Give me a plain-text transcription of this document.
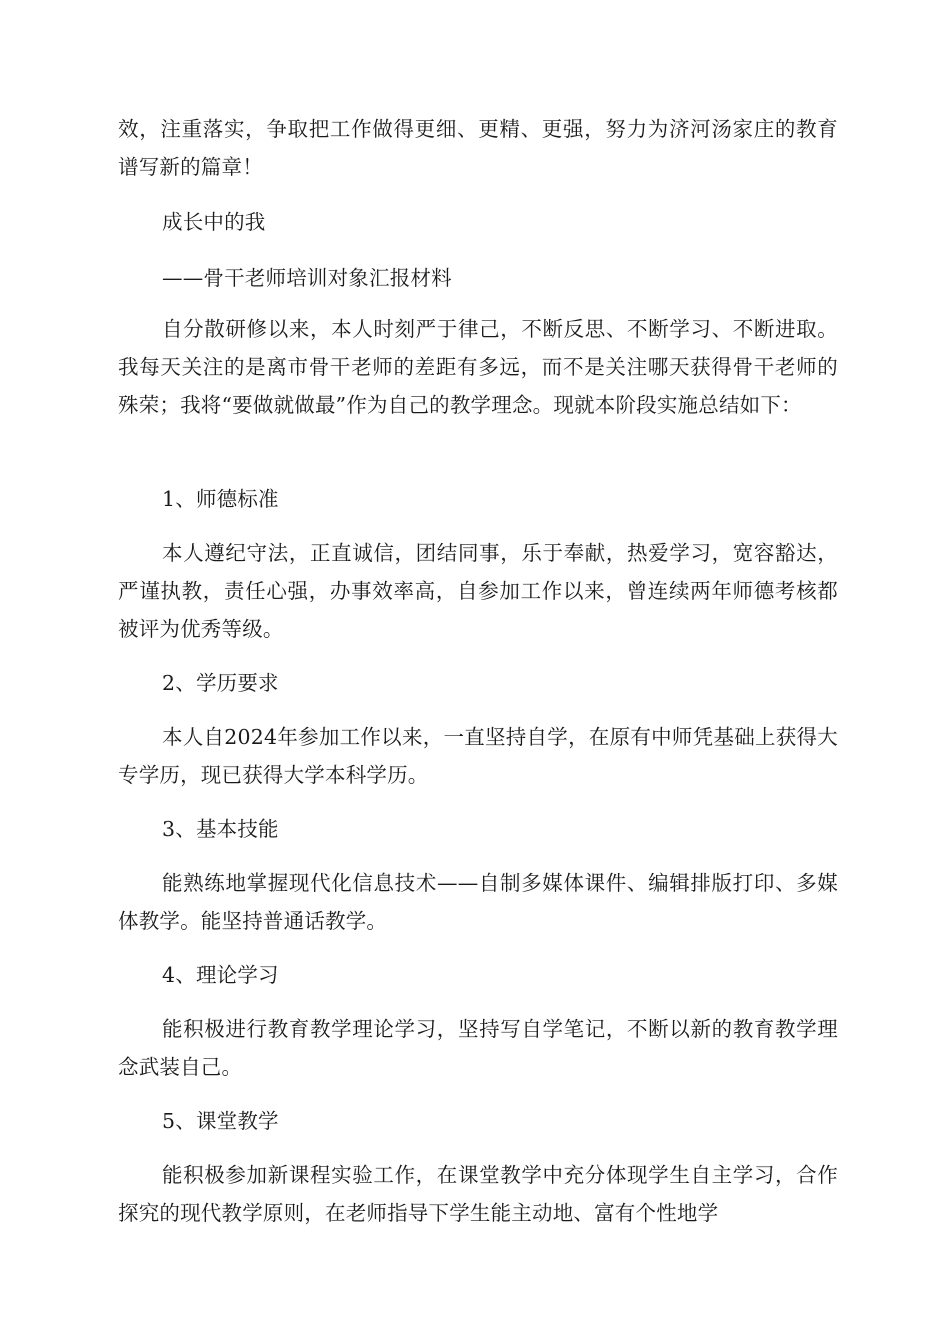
效，注重落实，争取把工作做得更细、更精、更强，努力为济河汤家庄的教育谱写新的篇章！

成长中的我

——骨干老师培训对象汇报材料

自分散研修以来，本人时刻严于律己，不断反思、不断学习、不断进取。我每天关注的是离市骨干老师的差距有多远，而不是关注哪天获得骨干老师的殊荣；我将“要做就做最”作为自己的教学理念。现就本阶段实施总结如下：

1、师德标准

本人遵纪守法，正直诚信，团结同事，乐于奉献，热爱学习，宽容豁达，严谨执教，责任心强，办事效率高，自参加工作以来，曾连续两年师德考核都被评为优秀等级。

2、学历要求

本人自2024年参加工作以来，一直坚持自学，在原有中师凭基础上获得大专学历，现已获得大学本科学历。

3、基本技能

能熟练地掌握现代化信息技术——自制多媒体课件、编辑排版打印、多媒体教学。能坚持普通话教学。

4、理论学习

能积极进行教育教学理论学习，坚持写自学笔记，不断以新的教育教学理念武装自己。

5、课堂教学

能积极参加新课程实验工作，在课堂教学中充分体现学生自主学习，合作探究的现代教学原则，在老师指导下学生能主动地、富有个性地学
